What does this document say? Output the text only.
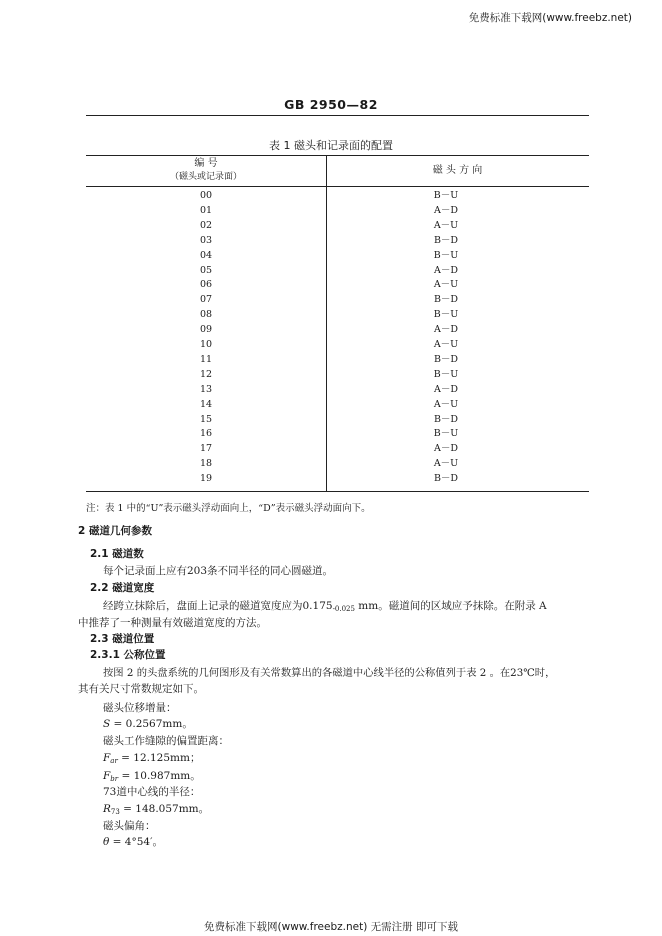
免费标准下载网(www.freebz.net)
GB 2950—82
表 1 磁头和记录面的配置
编 号
（磁头或记录面）
磁 头 方 向
00	B－U
01	A－D
02	A－U
03	B－D
04	B－U
05	A－D
06	A－U
07	B－D
08	B－U
09	A－D
10	A－U
11	B－D
12	B－U
13	A－D
14	A－U
15	B－D
16	B－U
17	A－D
18	A－U
19	B－D
注：表 1 中的“U”表示磁头浮动面向上，“D”表示磁头浮动面向下。
2 磁道几何参数
2.1 磁道数
每个记录面上应有203条不同半径的同心圆磁道。
2.2 磁道宽度
经跨立抹除后，盘面上记录的磁道宽度应为$0.175_{-0.025}$ mm。磁道间的区域应予抹除。在附录 A
中推荐了一种测量有效磁道宽度的方法。
2.3 磁道位置
2.3.1 公称位置
按图 2 的头盘系统的几何图形及有关常数算出的各磁道中心线半径的公称值列于表 2 。在23℃时，
其有关尺寸常数规定如下。
磁头位移增量：
S = 0.2567mm。
磁头工作缝隙的偏置距离：
$F_{ar} = 12.125mm$；
$F_{br} = 10.987mm$。
73道中心线的半径：
$R_{73} = 148.057mm$。
磁头偏角：
θ = 4°54′。
免费标准下载网(www.freebz.net) 无需注册 即可下载
